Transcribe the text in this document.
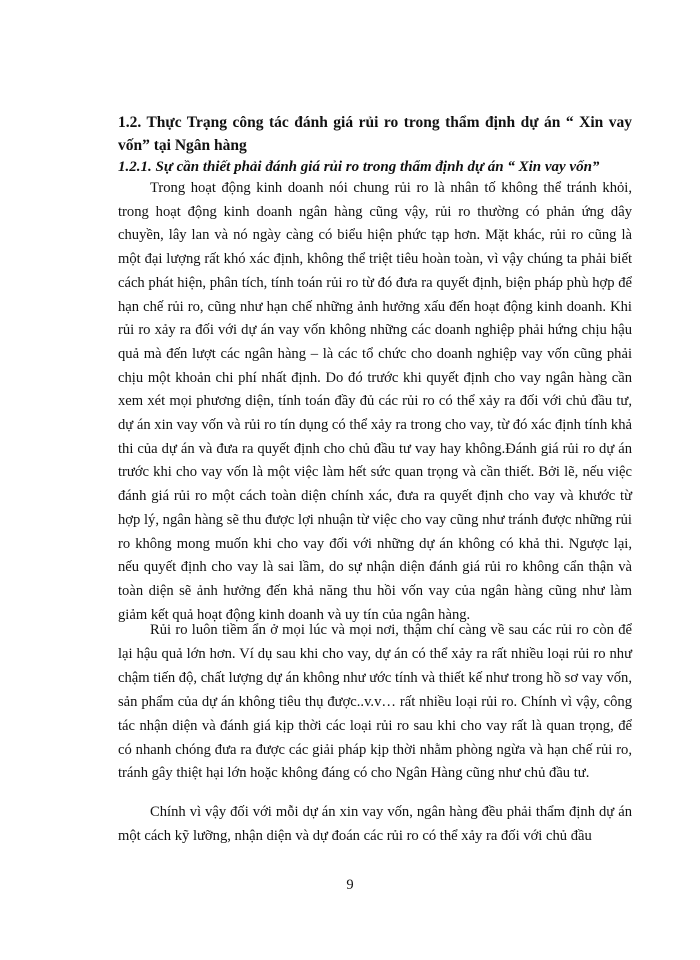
1.2. Thực Trạng công tác đánh giá rủi ro trong thẩm định dự án “ Xin vay vốn” tại Ngân hàng
1.2.1. Sự cần thiết phải đánh giá rủi ro trong thẩm định dự án “ Xin vay vốn”

Trong hoạt động kinh doanh nói chung rủi ro là nhân tố không thể tránh khỏi, trong hoạt động kinh doanh ngân hàng cũng vậy, rủi ro thường có phản ứng dây chuyền, lây lan và nó ngày càng có biểu hiện phức tạp hơn. Mặt khác, rủi ro cũng là một đại lượng rất khó xác định, không thể triệt tiêu hoàn toàn, vì vậy chúng ta phải biết cách phát hiện, phân tích, tính toán rủi ro từ đó đưa ra quyết định, biện pháp phù hợp để hạn chế rủi ro, cũng như hạn chế những ảnh hưởng xấu đến hoạt động kinh doanh. Khi rủi ro xảy ra đối với dự án vay vốn không những các doanh nghiệp phải hứng chịu hậu quả mà đến lượt các ngân hàng – là các tổ chức cho doanh nghiệp vay vốn cũng phải chịu một khoản chi phí nhất định. Do đó trước khi quyết định cho vay ngân hàng cần xem xét mọi phương diện, tính toán đầy đủ các rủi ro có thể xảy ra đối với chủ đầu tư, dự án xin vay vốn và rủi ro tín dụng có thể xảy ra trong cho vay, từ đó xác định tính khả thi của dự án và đưa ra quyết định cho chủ đầu tư vay hay không.Đánh giá rủi ro dự án trước khi cho vay vốn là một việc làm hết sức quan trọng và cần thiết. Bởi lẽ, nếu việc đánh giá rủi ro một cách toàn diện chính xác, đưa ra quyết định cho vay và khước từ hợp lý, ngân hàng sẽ thu được lợi nhuận từ việc cho vay cũng như tránh được những rủi ro không mong muốn khi cho vay đối với những dự án không có khả thi. Ngược lại, nếu quyết định cho vay là sai lầm, do sự nhận diện đánh giá rủi ro không cẩn thận và toàn diện sẽ ảnh hưởng đến khả năng thu hồi vốn vay của ngân hàng cũng như làm giảm kết quả hoạt động kinh doanh và uy tín của ngân hàng.

Rủi ro luôn tiềm ẩn ở mọi lúc và mọi nơi, thậm chí càng về sau các rủi ro còn để lại hậu quả lớn hơn. Ví dụ sau khi cho vay, dự án có thể xảy ra rất nhiều loại rủi ro như chậm tiến độ, chất lượng dự án không như ước tính và thiết kế như trong hồ sơ vay vốn, sản phẩm của dự án không tiêu thụ được..v.v… rất nhiều loại rủi ro. Chính vì vậy, công tác nhận diện và đánh giá kịp thời các loại rủi ro sau khi cho vay rất là quan trọng, để có nhanh chóng đưa ra được các giải pháp kịp thời nhằm phòng ngừa và hạn chế rủi ro, tránh gây thiệt hại lớn hoặc không đáng có cho Ngân Hàng cũng như chủ đầu tư.

Chính vì vậy đối với mỗi dự án xin vay vốn, ngân hàng đều phải thẩm định dự án một cách kỹ lưỡng, nhận diện và dự đoán các rủi ro có thể xảy ra đối với chủ đầu

9
